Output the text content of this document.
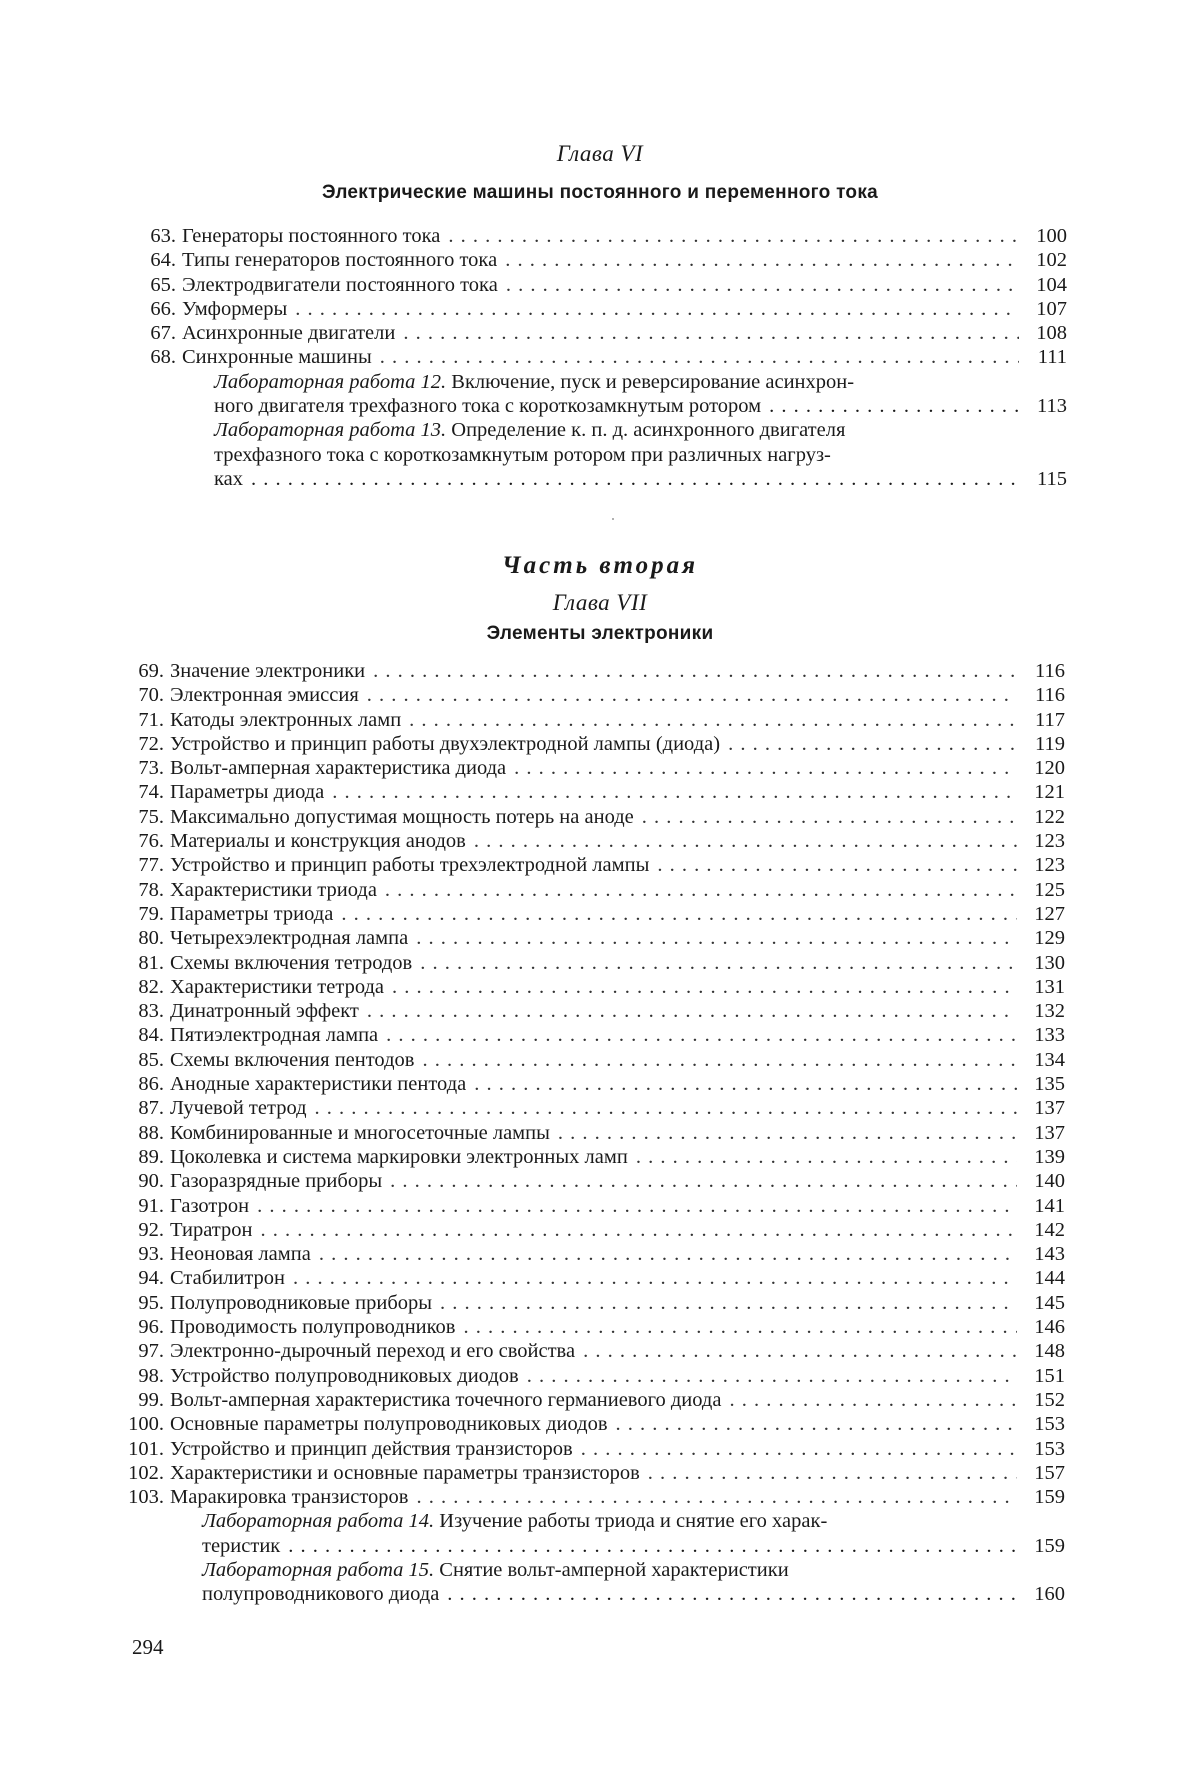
Глава VI
Электрические машины постоянного и переменного тока
63. Генераторы постоянного тока . . .	100
64. Типы генераторов постоянного тока . . .	102
65. Электродвигатели постоянного тока . . .	104
66. Умформеры . . .	107
67. Асинхронные двигатели . . .	108
68. Синхронные машины . . .	111
Лабораторная работа 12. Включение, пуск и реверсирование асинхрон-
ного двигателя трехфазного тока с короткозамкнутым ротором . . .	113
Лабораторная работа 13. Определение к. п. д. асинхронного двигателя
трехфазного тока с короткозамкнутым ротором при различных нагруз-
ках . . .	115
Часть вторая
Глава VII
Элементы электроники
69. Значение электроники . . .	116
70. Электронная эмиссия . . .	116
71. Катоды электронных ламп . . .	117
72. Устройство и принцип работы двухэлектродной лампы (диода) . . .	119
73. Вольт-амперная характеристика диода . . .	120
74. Параметры диода . . .	121
75. Максимально допустимая мощность потерь на аноде . . .	122
76. Материалы и конструкция анодов . . .	123
77. Устройство и принцип работы трехэлектродной лампы . . .	123
78. Характеристики триода . . .	125
79. Параметры триода . . .	127
80. Четырехэлектродная лампа . . .	129
81. Схемы включения тетродов . . .	130
82. Характеристики тетрода . . .	131
83. Динатронный эффект . . .	132
84. Пятиэлектродная лампа . . .	133
85. Схемы включения пентодов . . .	134
86. Анодные характеристики пентода . . .	135
87. Лучевой тетрод . . .	137
88. Комбинированные и многосеточные лампы . . .	137
89. Цоколевка и система маркировки электронных ламп . . .	139
90. Газоразрядные приборы . . .	140
91. Газотрон . . .	141
92. Тиратрон . . .	142
93. Неоновая лампа . . .	143
94. Стабилитрон . . .	144
95. Полупроводниковые приборы . . .	145
96. Проводимость полупроводников . . .	146
97. Электронно-дырочный переход и его свойства . . .	148
98. Устройство полупроводниковых диодов . . .	151
99. Вольт-амперная характеристика точечного германиевого диода . . .	152
100. Основные параметры полупроводниковых диодов . . .	153
101. Устройство и принцип действия транзисторов . . .	153
102. Характеристики и основные параметры транзисторов . . .	157
103. Маракировка транзисторов . . .	159
Лабораторная работа 14. Изучение работы триода и снятие его харак-
теристик . . .	159
Лабораторная работа 15. Снятие вольт-амперной характеристики
полупроводникового диода . . .	160
294
